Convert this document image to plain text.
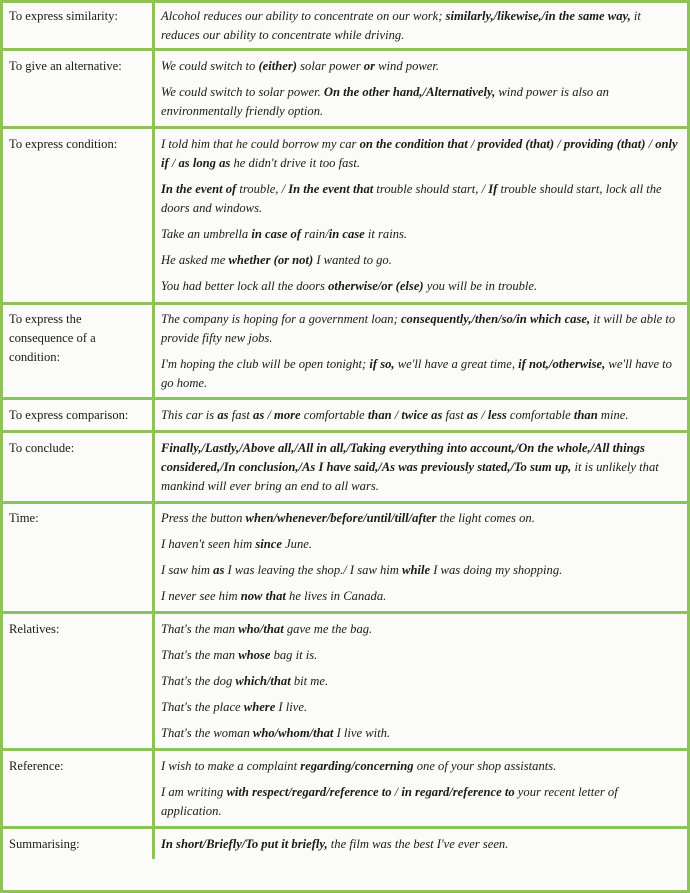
To express similarity:	Alcohol reduces our ability to concentrate on our work; similarly,/likewise,/in the same way, it reduces our ability to concentrate while driving.

To give an alternative:	We could switch to (either) solar power or wind power.

We could switch to solar power. On the other hand,/Alternatively, wind power is also an environmentally friendly option.

To express condition:	I told him that he could borrow my car on the condition that / provided (that) / providing (that) / only if / as long as he didn't drive it too fast.

In the event of trouble, / In the event that trouble should start, / If trouble should start, lock all the doors and windows.

Take an umbrella in case of rain/in case it rains.

He asked me whether (or not) I wanted to go.

You had better lock all the doors otherwise/or (else) you will be in trouble.

To express the consequence of a condition:	The company is hoping for a government loan; consequently,/then/so/in which case, it will be able to provide fifty new jobs.

I'm hoping the club will be open tonight; if so, we'll have a great time, if not,/otherwise, we'll have to go home.

To express comparison:	This car is as fast as / more comfortable than / twice as fast as / less comfortable than mine.

To conclude:	Finally,/Lastly,/Above all,/All in all,/Taking everything into account,/On the whole,/All things considered,/In conclusion,/As I have said,/As was previously stated,/To sum up, it is unlikely that mankind will ever bring an end to all wars.

Time:	Press the button when/whenever/before/until/till/after the light comes on.

I haven't seen him since June.

I saw him as I was leaving the shop./ I saw him while I was doing my shopping.

I never see him now that he lives in Canada.

Relatives:	That's the man who/that gave me the bag.

That's the man whose bag it is.

That's the dog which/that bit me.

That's the place where I live.

That's the woman who/whom/that I live with.

Reference:	I wish to make a complaint regarding/concerning one of your shop assistants.

I am writing with respect/regard/reference to / in regard/reference to your recent letter of application.

Summarising:	In short/Briefly/To put it briefly, the film was the best I've ever seen.
